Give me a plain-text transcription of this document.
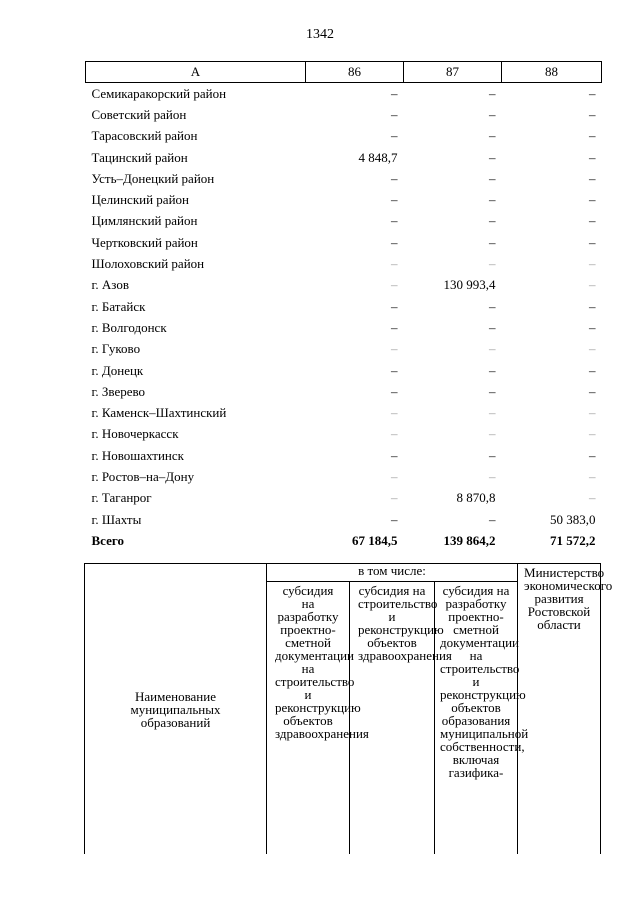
1342
А	86	87	88
Семикаракорский район	–	–	–
Советский район	–	–	–
Тарасовский район	–	–	–
Тацинский район	4 848,7	–	–
Усть–Донецкий район	–	–	–
Целинский район	–	–	–
Цимлянский район	–	–	–
Чертковский район	–	–	–
Шолоховский район	–	–	–
г. Азов	–	130 993,4	–
г. Батайск	–	–	–
г. Волгодонск	–	–	–
г. Гуково	–	–	–
г. Донецк	–	–	–
г. Зверево	–	–	–
г. Каменск–Шахтинский	–	–	–
г. Новочеркасск	–	–	–
г. Новошахтинск	–	–	–
г. Ростов–на–Дону	–	–	–
г. Таганрог	–	8 870,8	–
г. Шахты	–	–	50 383,0
Всего	67 184,5	139 864,2	71 572,2
Наименование муниципальных образований	в том числе:			Министерство экономического развития Ростовской области

	субсидия на разработку проектно-сметной документации на строительство и реконструкцию объектов здравоохранения	субсидия на строительство и реконструкцию объектов здравоохранения	субсидия на разработку проектно-сметной документации на строительство и реконструкцию объектов образования муниципальной собственности, включая газифика-	
